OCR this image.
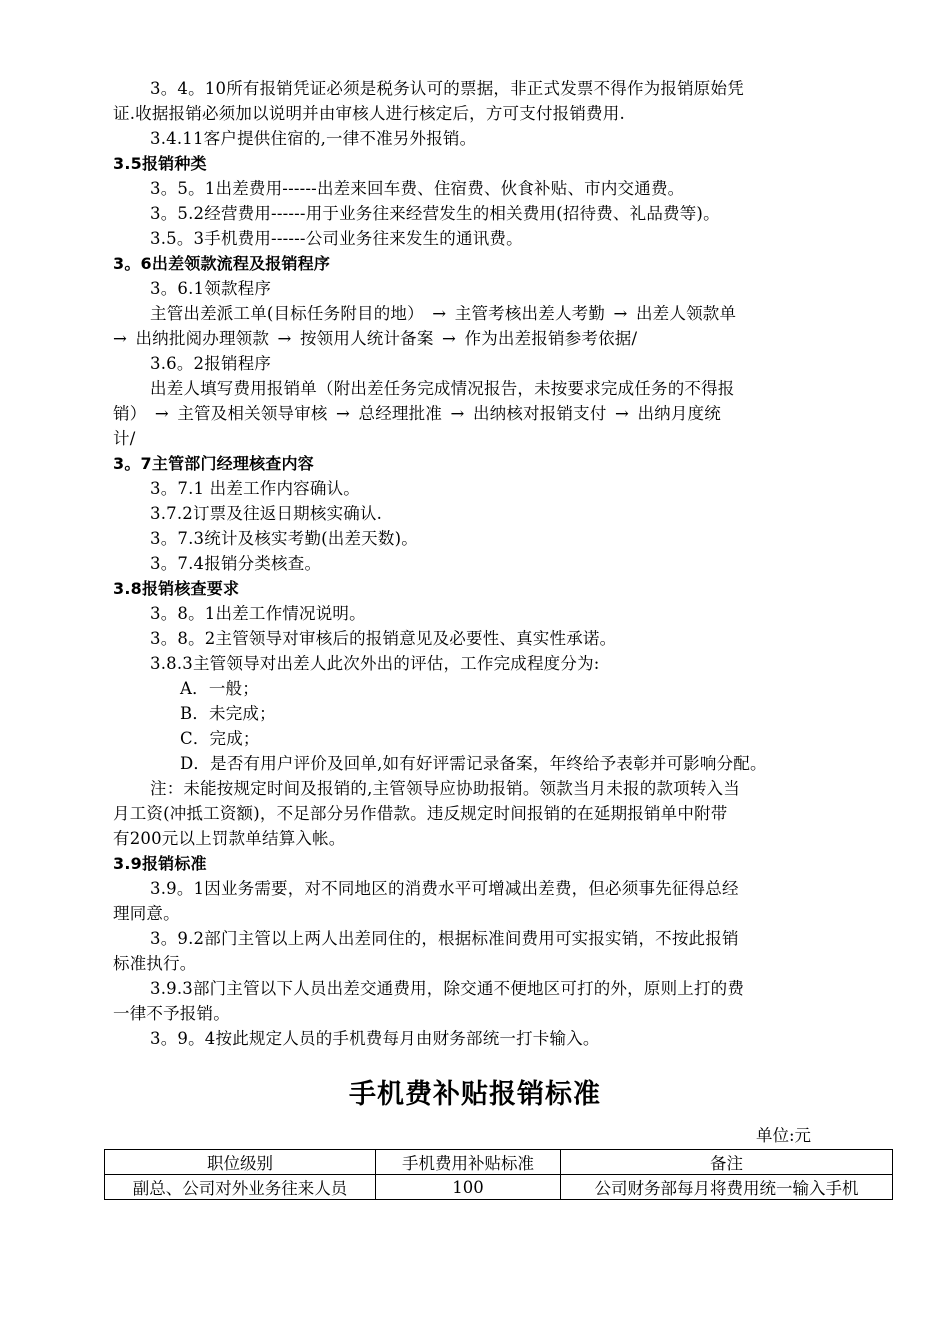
3。4。10所有报销凭证必须是税务认可的票据，非正式发票不得作为报销原始凭
证.收据报销必须加以说明并由审核人进行核定后，方可支付报销费用.
3.4.11客户提供住宿的,一律不准另外报销。
3.5报销种类
3。5。1出差费用------出差来回车费、住宿费、伙食补贴、市内交通费。
3。5.2经营费用------用于业务往来经营发生的相关费用(招待费、礼品费等)。
3.5。3手机费用------公司业务往来发生的通讯费。
3。6出差领款流程及报销程序
3。6.1领款程序
主管出差派工单(目标任务附目的地） → 主管考核出差人考勤 → 出差人领款单
→ 出纳批阅办理领款 → 按领用人统计备案 → 作为出差报销参考依据/
3.6。2报销程序
出差人填写费用报销单（附出差任务完成情况报告，未按要求完成任务的不得报
销） → 主管及相关领导审核 → 总经理批准 → 出纳核对报销支付 → 出纳月度统
计/
3。7主管部门经理核查内容
3。7.1 出差工作内容确认。
3.7.2订票及往返日期核实确认.
3。7.3统计及核实考勤(出差天数)。
3。7.4报销分类核查。
3.8报销核查要求
3。8。1出差工作情况说明。
3。8。2主管领导对审核后的报销意见及必要性、真实性承诺。
3.8.3主管领导对出差人此次外出的评估，工作完成程度分为:
A．一般；
B．未完成；
C．完成；
D．是否有用户评价及回单,如有好评需记录备案，年终给予表彰并可影响分配。
注：未能按规定时间及报销的,主管领导应协助报销。领款当月未报的款项转入当
月工资(冲抵工资额)，不足部分另作借款。违反规定时间报销的在延期报销单中附带
有200元以上罚款单结算入帐。
3.9报销标准
3.9。1因业务需要，对不同地区的消费水平可增减出差费，但必须事先征得总经
理同意。
3。9.2部门主管以上两人出差同住的，根据标准间费用可实报实销，不按此报销
标准执行。
3.9.3部门主管以下人员出差交通费用，除交通不便地区可打的外，原则上打的费
一律不予报销。
3。9。4按此规定人员的手机费每月由财务部统一打卡输入。
手机费补贴报销标准
单位:元
职位级别	手机费用补贴标准	备注
副总、公司对外业务往来人员	100	公司财务部每月将费用统一输入手机
